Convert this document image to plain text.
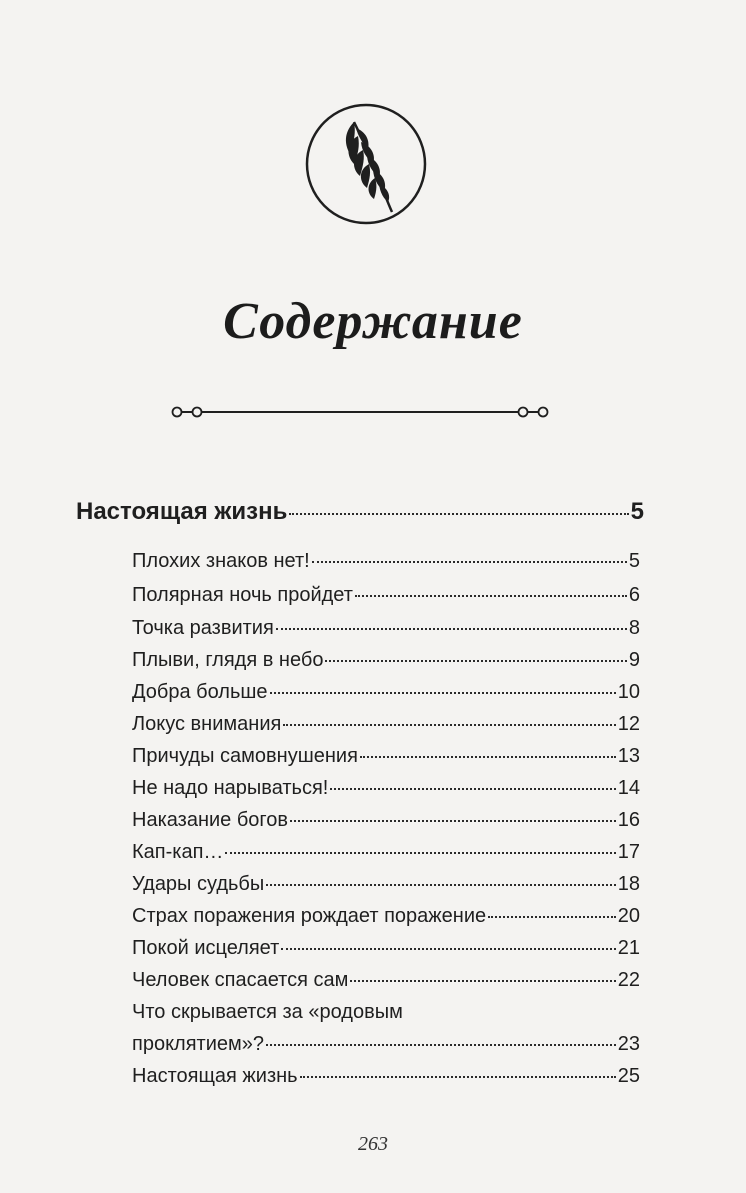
Содержание
Настоящая жизнь	5
Плохих знаков нет!	5
Полярная ночь пройдет	6
Точка развития	8
Плыви, глядя в небо	9
Добра больше	10
Локус внимания	12
Причуды самовнушения	13
Не надо нарываться!	14
Наказание богов	16
Кап-кап…	17
Удары судьбы	18
Страх поражения рождает поражение	20
Покой исцеляет	21
Человек спасается сам	22
Что скрывается за «родовым
проклятием»?	23
Настоящая жизнь	25
263
